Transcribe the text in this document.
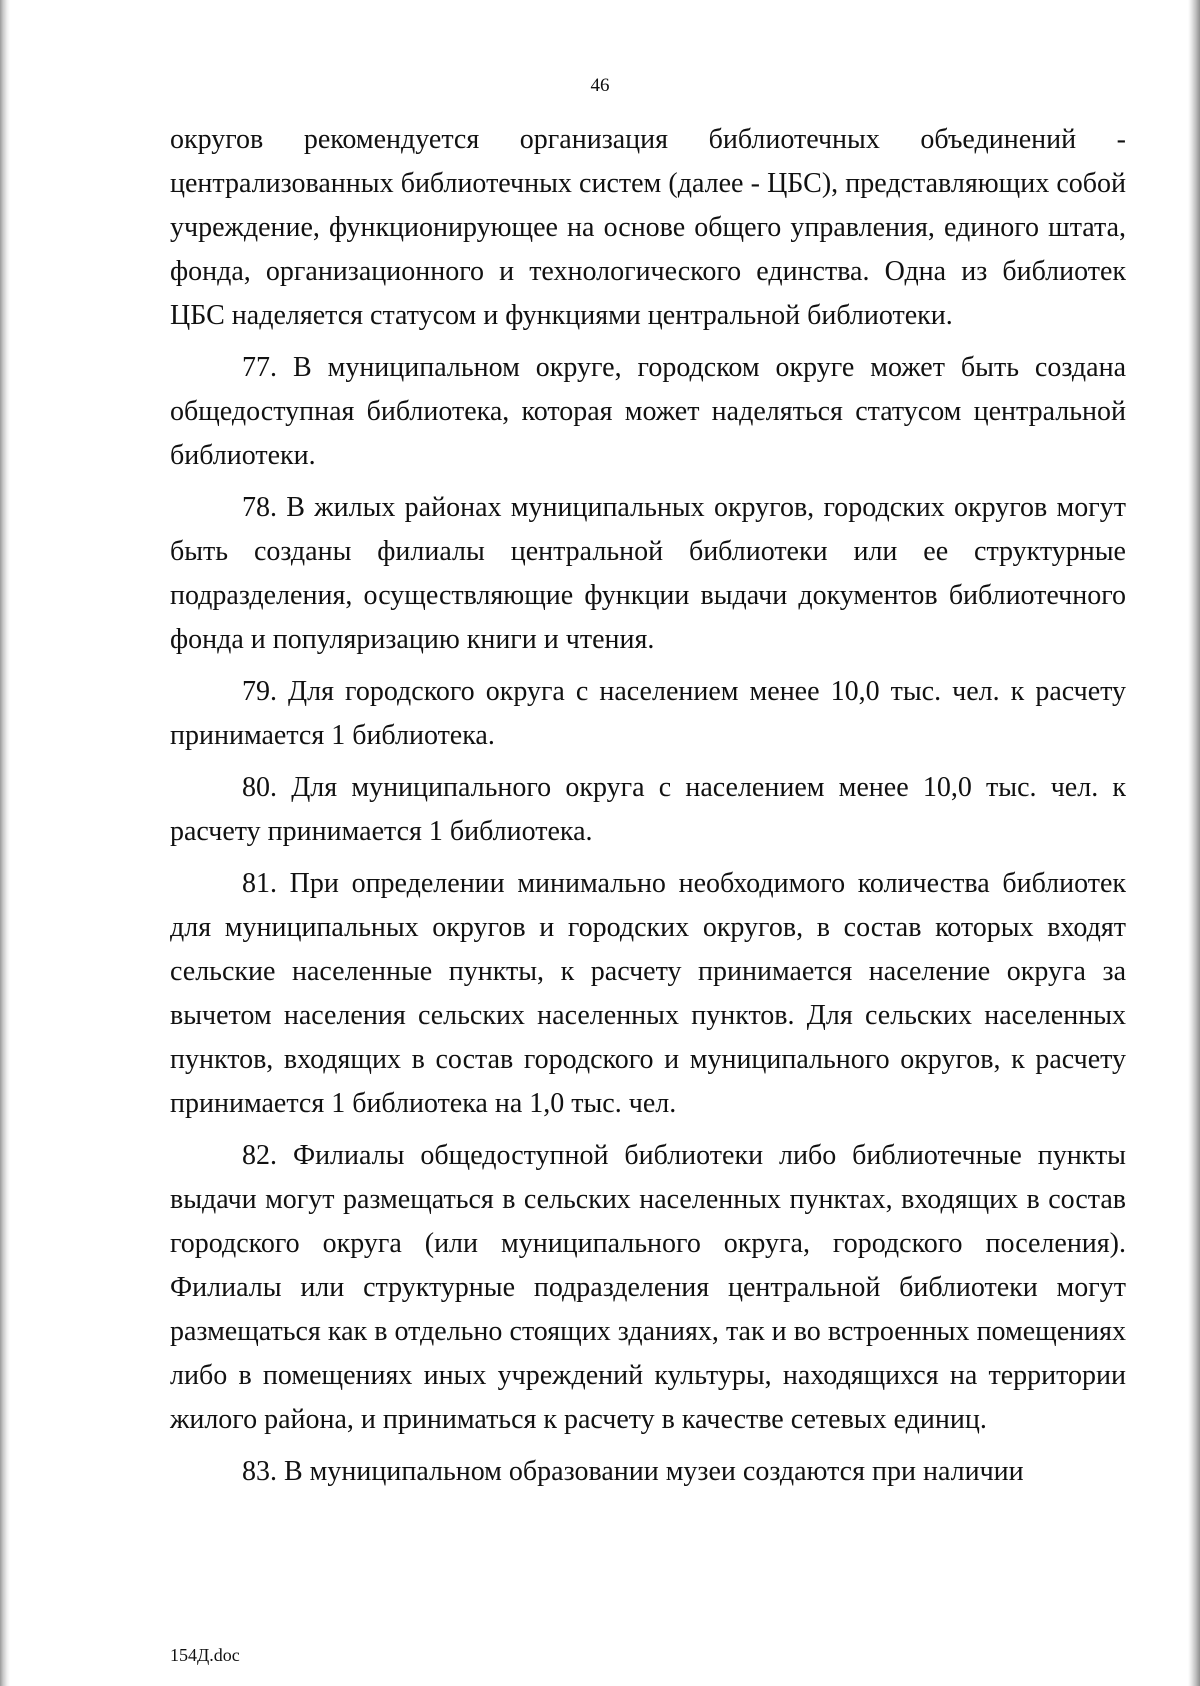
46

округов рекомендуется организация библиотечных объединений - централизованных библиотечных систем (далее - ЦБС), представляющих собой учреждение, функционирующее на основе общего управления, единого штата, фонда, организационного и технологического единства. Одна из библиотек ЦБС наделяется статусом и функциями центральной библиотеки.

77. В муниципальном округе, городском округе может быть создана общедоступная библиотека, которая может наделяться статусом центральной библиотеки.

78. В жилых районах муниципальных округов, городских округов могут быть созданы филиалы центральной библиотеки или ее структурные подразделения, осуществляющие функции выдачи документов библиотечного фонда и популяризацию книги и чтения.

79. Для городского округа с населением менее 10,0 тыс. чел. к расчету принимается 1 библиотека.

80. Для муниципального округа с населением менее 10,0 тыс. чел. к расчету принимается 1 библиотека.

81. При определении минимально необходимого количества библиотек для муниципальных округов и городских округов, в состав которых входят сельские населенные пункты, к расчету принимается население округа за вычетом населения сельских населенных пунктов. Для сельских населенных пунктов, входящих в состав городского и муниципального округов, к расчету принимается 1 библиотека на 1,0 тыс. чел.

82. Филиалы общедоступной библиотеки либо библиотечные пункты выдачи могут размещаться в сельских населенных пунктах, входящих в состав городского округа (или муниципального округа, городского поселения). Филиалы или структурные подразделения центральной библиотеки могут размещаться как в отдельно стоящих зданиях, так и во встроенных помещениях либо в помещениях иных учреждений культуры, находящихся на территории жилого района, и приниматься к расчету в качестве сетевых единиц.

83. В муниципальном образовании музеи создаются при наличии

154Д.doc
